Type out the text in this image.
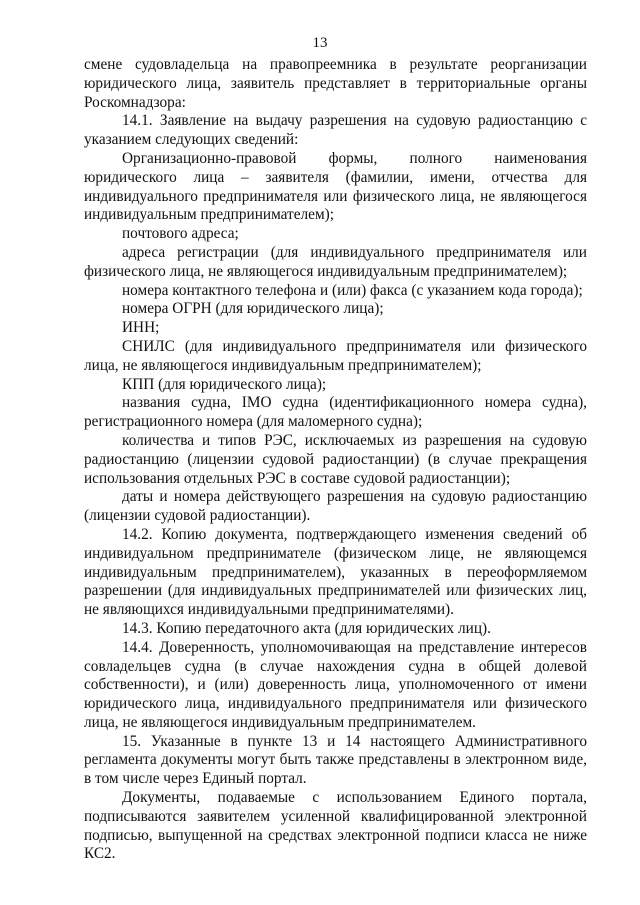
13

смене судовладельца на правопреемника в результате реорганизации юридического лица, заявитель представляет в территориальные органы Роскомнадзора:

14.1. Заявление на выдачу разрешения на судовую радиостанцию с указанием следующих сведений:

Организационно-правовой формы, полного наименования юридического лица – заявителя (фамилии, имени, отчества для индивидуального предпринимателя или физического лица, не являющегося индивидуальным предпринимателем);

почтового адреса;

адреса регистрации (для индивидуального предпринимателя или физического лица, не являющегося индивидуальным предпринимателем);

номера контактного телефона и (или) факса (с указанием кода города);

номера ОГРН (для юридического лица);

ИНН;

СНИЛС (для индивидуального предпринимателя или физического лица, не являющегося индивидуальным предпринимателем);

КПП (для юридического лица);

названия судна, IMO судна (идентификационного номера судна), регистрационного номера (для маломерного судна);

количества и типов РЭС, исключаемых из разрешения на судовую радиостанцию (лицензии судовой радиостанции) (в случае прекращения использования отдельных РЭС в составе судовой радиостанции);

даты и номера действующего разрешения на судовую радиостанцию (лицензии судовой радиостанции).

14.2. Копию документа, подтверждающего изменения сведений об индивидуальном предпринимателе (физическом лице, не являющемся индивидуальным предпринимателем), указанных в переоформляемом разрешении (для индивидуальных предпринимателей или физических лиц, не являющихся индивидуальными предпринимателями).

14.3. Копию передаточного акта (для юридических лиц).

14.4. Доверенность, уполномочивающая на представление интересов совладельцев судна (в случае нахождения судна в общей долевой собственности), и (или) доверенность лица, уполномоченного от имени юридического лица, индивидуального предпринимателя или физического лица, не являющегося индивидуальным предпринимателем.

15. Указанные в пункте 13 и 14 настоящего Административного регламента документы могут быть также представлены в электронном виде, в том числе через Единый портал.

Документы, подаваемые с использованием Единого портала, подписываются заявителем усиленной квалифицированной электронной подписью, выпущенной на средствах электронной подписи класса не ниже КС2.
